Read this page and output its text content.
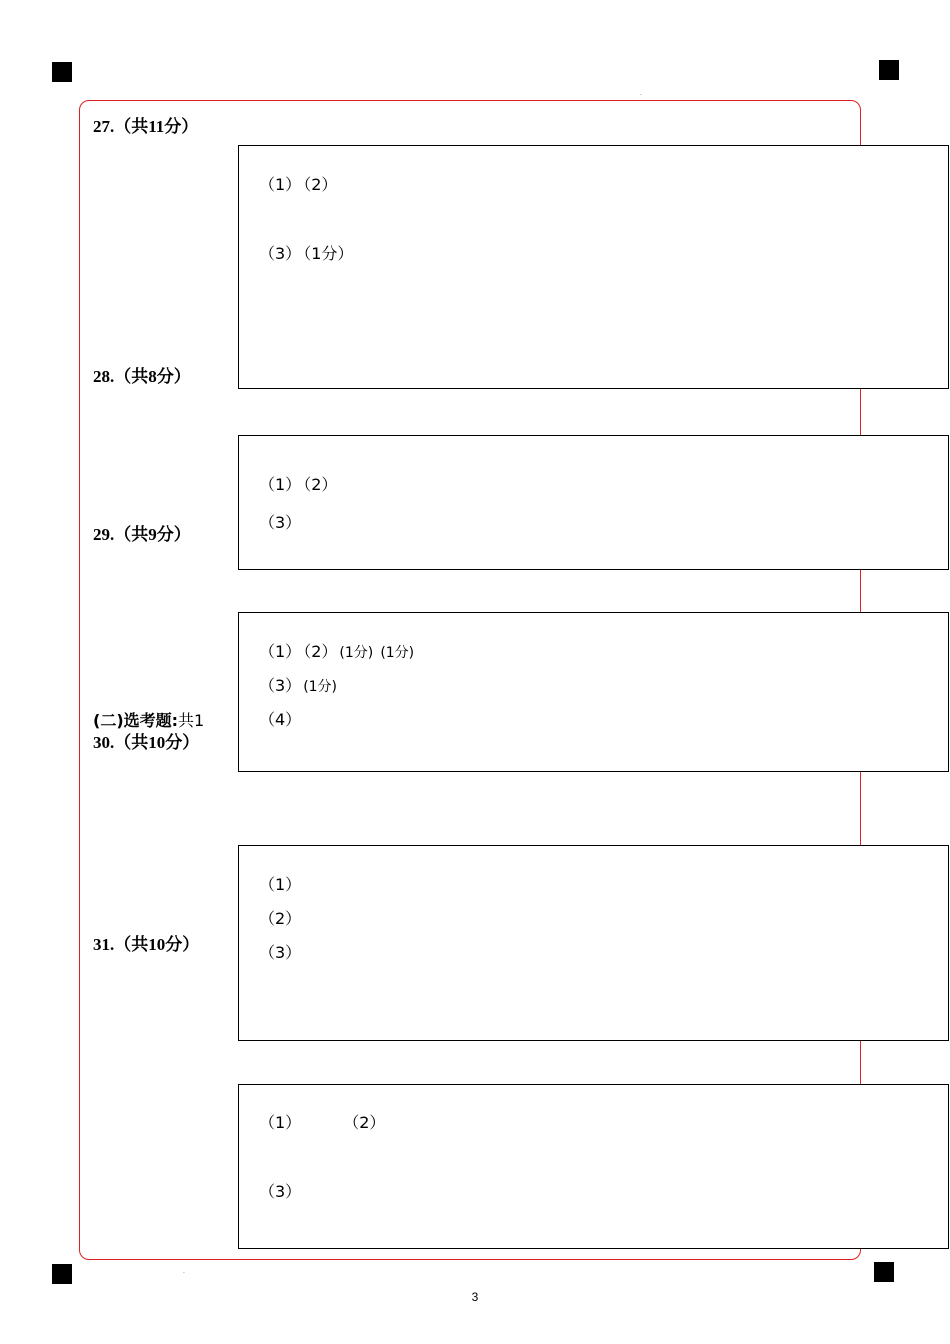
·
·
27.（共11分）
28.（共8分）
29.（共9分）
(二)选考题:共1
30.（共10分）
31.（共10分）
（1） （2）
（3） （1分）
（1） （2）
（3）
（1） （2） (1分) (1分)
（3） (1分)
（4）
（1）
（2）
（3）
（1）	（2）
（3）
3
